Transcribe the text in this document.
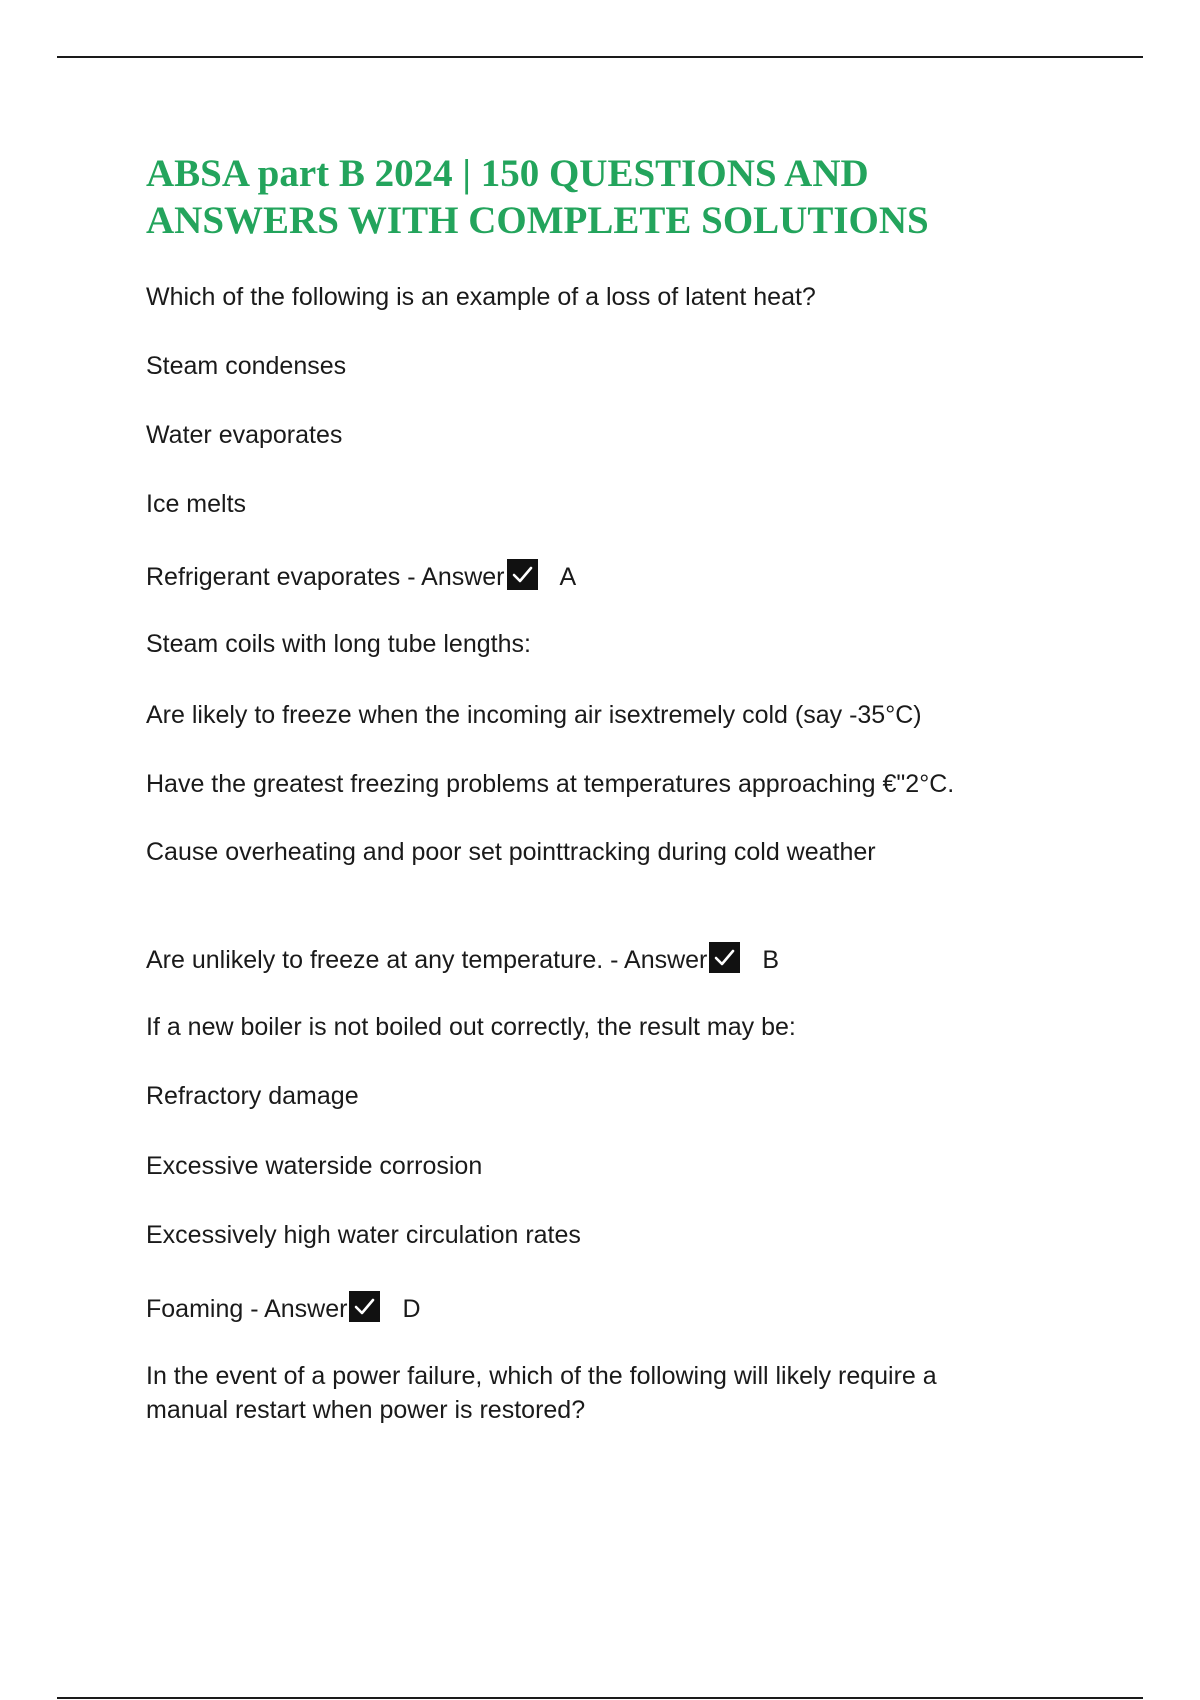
ABSA part B 2024 | 150 QUESTIONS AND ANSWERS WITH COMPLETE SOLUTIONS
Which of the following is an example of a loss of latent heat?
Steam condenses
Water evaporates
Ice melts
Refrigerant evaporates - Answer A
Steam coils with long tube lengths:
Are likely to freeze when the incoming air isextremely cold (say -35°C)
Have the greatest freezing problems at temperatures approaching €"2°C.
Cause overheating and poor set pointtracking during cold weather
Are unlikely to freeze at any temperature. - Answer B
If a new boiler is not boiled out correctly, the result may be:
Refractory damage
Excessive waterside corrosion
Excessively high water circulation rates
Foaming - Answer D
In the event of a power failure, which of the following will likely require a manual restart when power is restored?
